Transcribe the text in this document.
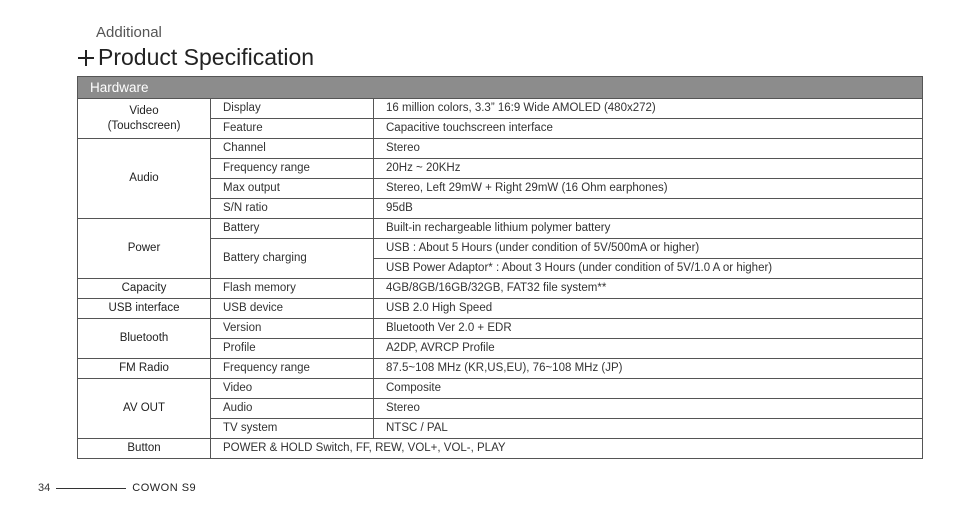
Additional
Product Specification
Hardware		

Video
(Touchscreen)	Display	16 million colors, 3.3” 16:9 Wide AMOLED (480x272)
	Feature	Capacitive touchscreen interface
Audio	Channel	Stereo
	Frequency range	20Hz ~ 20KHz
	Max output	Stereo, Left 29mW + Right 29mW (16 Ohm earphones)
	S/N ratio	95dB
Power	Battery	Built-in rechargeable lithium polymer battery
	Battery charging	USB : About 5 Hours (under condition of 5V/500mA or higher)
		USB Power Adaptor* : About 3 Hours (under condition of 5V/1.0 A or higher)
Capacity	Flash memory	4GB/8GB/16GB/32GB, FAT32 file system**
USB interface	USB device	USB 2.0 High Speed
Bluetooth	Version	Bluetooth Ver 2.0 + EDR
	Profile	A2DP, AVRCP Profile
FM Radio	Frequency range	87.5~108 MHz (KR,US,EU), 76~108 MHz (JP)
AV OUT	Video	Composite
	Audio	Stereo
	TV system	NTSC / PAL
Button	POWER & HOLD Switch, FF, REW, VOL+, VOL-, PLAY	
34	COWON S9
